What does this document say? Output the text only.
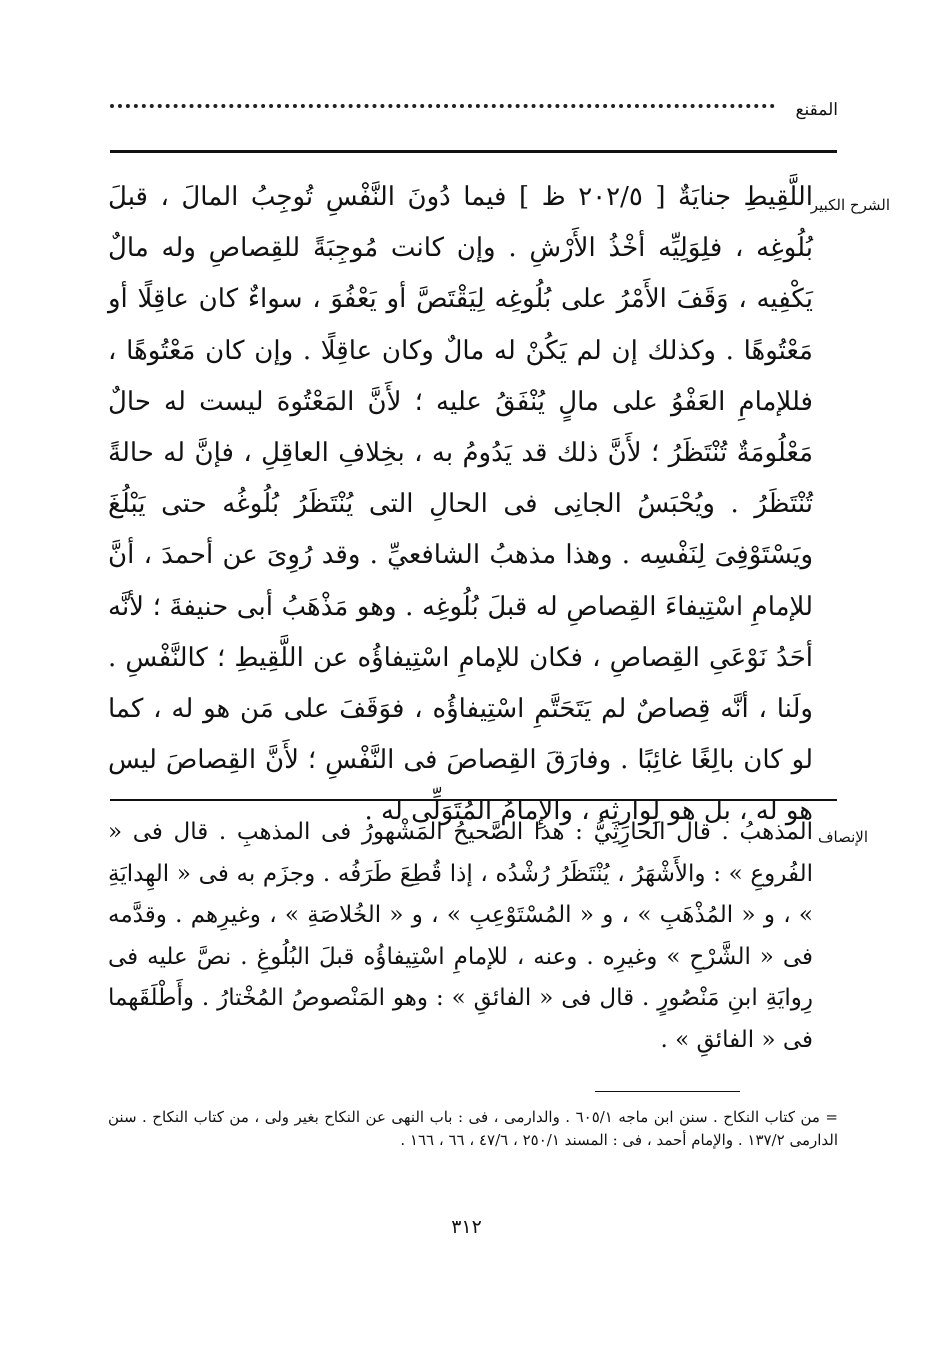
المقنع
الشرح الكبير
اللَّقِيطِ جنايَةٌ [ ٢٠٢/٥ ظ ] فيما دُونَ النَّفْسِ تُوجِبُ المالَ ، قبلَ بُلُوغِه ، فلِوَلِيِّه أخْذُ الأَرْشِ . وإن كانت مُوجِبَةً للقِصاصِ وله مالٌ يَكْفِيه ، وَقَفَ الأَمْرُ على بُلُوغِه لِيَقْتَصَّ أو يَعْفُوَ ، سواءٌ كان عاقِلًا أو مَعْتُوهًا . وكذلك إن لم يَكُنْ له مالٌ وكان عاقِلًا . وإن كان مَعْتُوهًا ، فللإمامِ العَفْوُ على مالٍ يُنْفَقُ عليه ؛ لأَنَّ المَعْتُوهَ ليست له حالٌ مَعْلُومَةٌ تُنْتَظَرُ ؛ لأَنَّ ذلك قد يَدُومُ به ، بخِلافِ العاقِلِ ، فإنَّ له حالةً تُنْتَظَرُ . ويُحْبَسُ الجانِى فى الحالِ التى يُنْتَظَرُ بُلُوغُه حتى يَبْلُغَ ويَسْتَوْفِىَ لِنَفْسِه . وهذا مذهبُ الشافعيِّ . وقد رُوِىَ عن أحمدَ ، أنَّ للإمامِ اسْتِيفاءَ القِصاصِ له قبلَ بُلُوغِه . وهو مَذْهَبُ أبى حنيفةَ ؛ لأنَّه أحَدُ نَوْعَىِ القِصاصِ ، فكان للإمامِ اسْتِيفاؤُه عن اللَّقِيطِ ؛ كالنَّفْسِ . ولَنا ، أنَّه قِصاصٌ لم يَتَحَتَّمِ اسْتِيفاؤُه ، فوَقَفَ على مَن هو له ، كما لو كان بالِغًا غائِبًا . وفارَقَ القِصاصَ فى النَّفْسِ ؛ لأَنَّ القِصاصَ ليس هو له ، بل هو لِوارِثِه ، والإِمامُ المُتَوَلِّى له .
الإنصاف
المذهبُ . قال الحارِثِيُّ : هذا الصَّحيحُ المَشْهورُ فى المذهبِ . قال فى « الفُروعِ » : والأَشْهَرُ ، يُنْتَظَرُ رُشْدُه ، إذا قُطِعَ طَرَفُه . وجزَم به فى « الهِدايَةِ » ، و « المُذْهَبِ » ، و « المُسْتَوْعِبِ » ، و « الخُلاصَةِ » ، وغيرِهم . وقدَّمه فى « الشَّرْحِ » وغيرِه . وعنه ، للإمامِ اسْتِيفاؤُه قبلَ البُلُوغِ . نصَّ عليه فى رِوايَةِ ابنِ مَنْصُورٍ . قال فى « الفائقِ » : وهو المَنْصوصُ المُخْتارُ . وأَطْلَقَهما فى « الفائقِ » .
= من كتاب النكاح . سنن ابن ماجه ٦٠٥/١ . والدارمى ، فى : باب النهى عن النكاح بغير ولى ، من كتاب النكاح . سنن الدارمى ١٣٧/٢ . والإمام أحمد ، فى : المسند ٢٥٠/١ ، ٤٧/٦ ، ٦٦ ، ١٦٦ .
٣١٢
